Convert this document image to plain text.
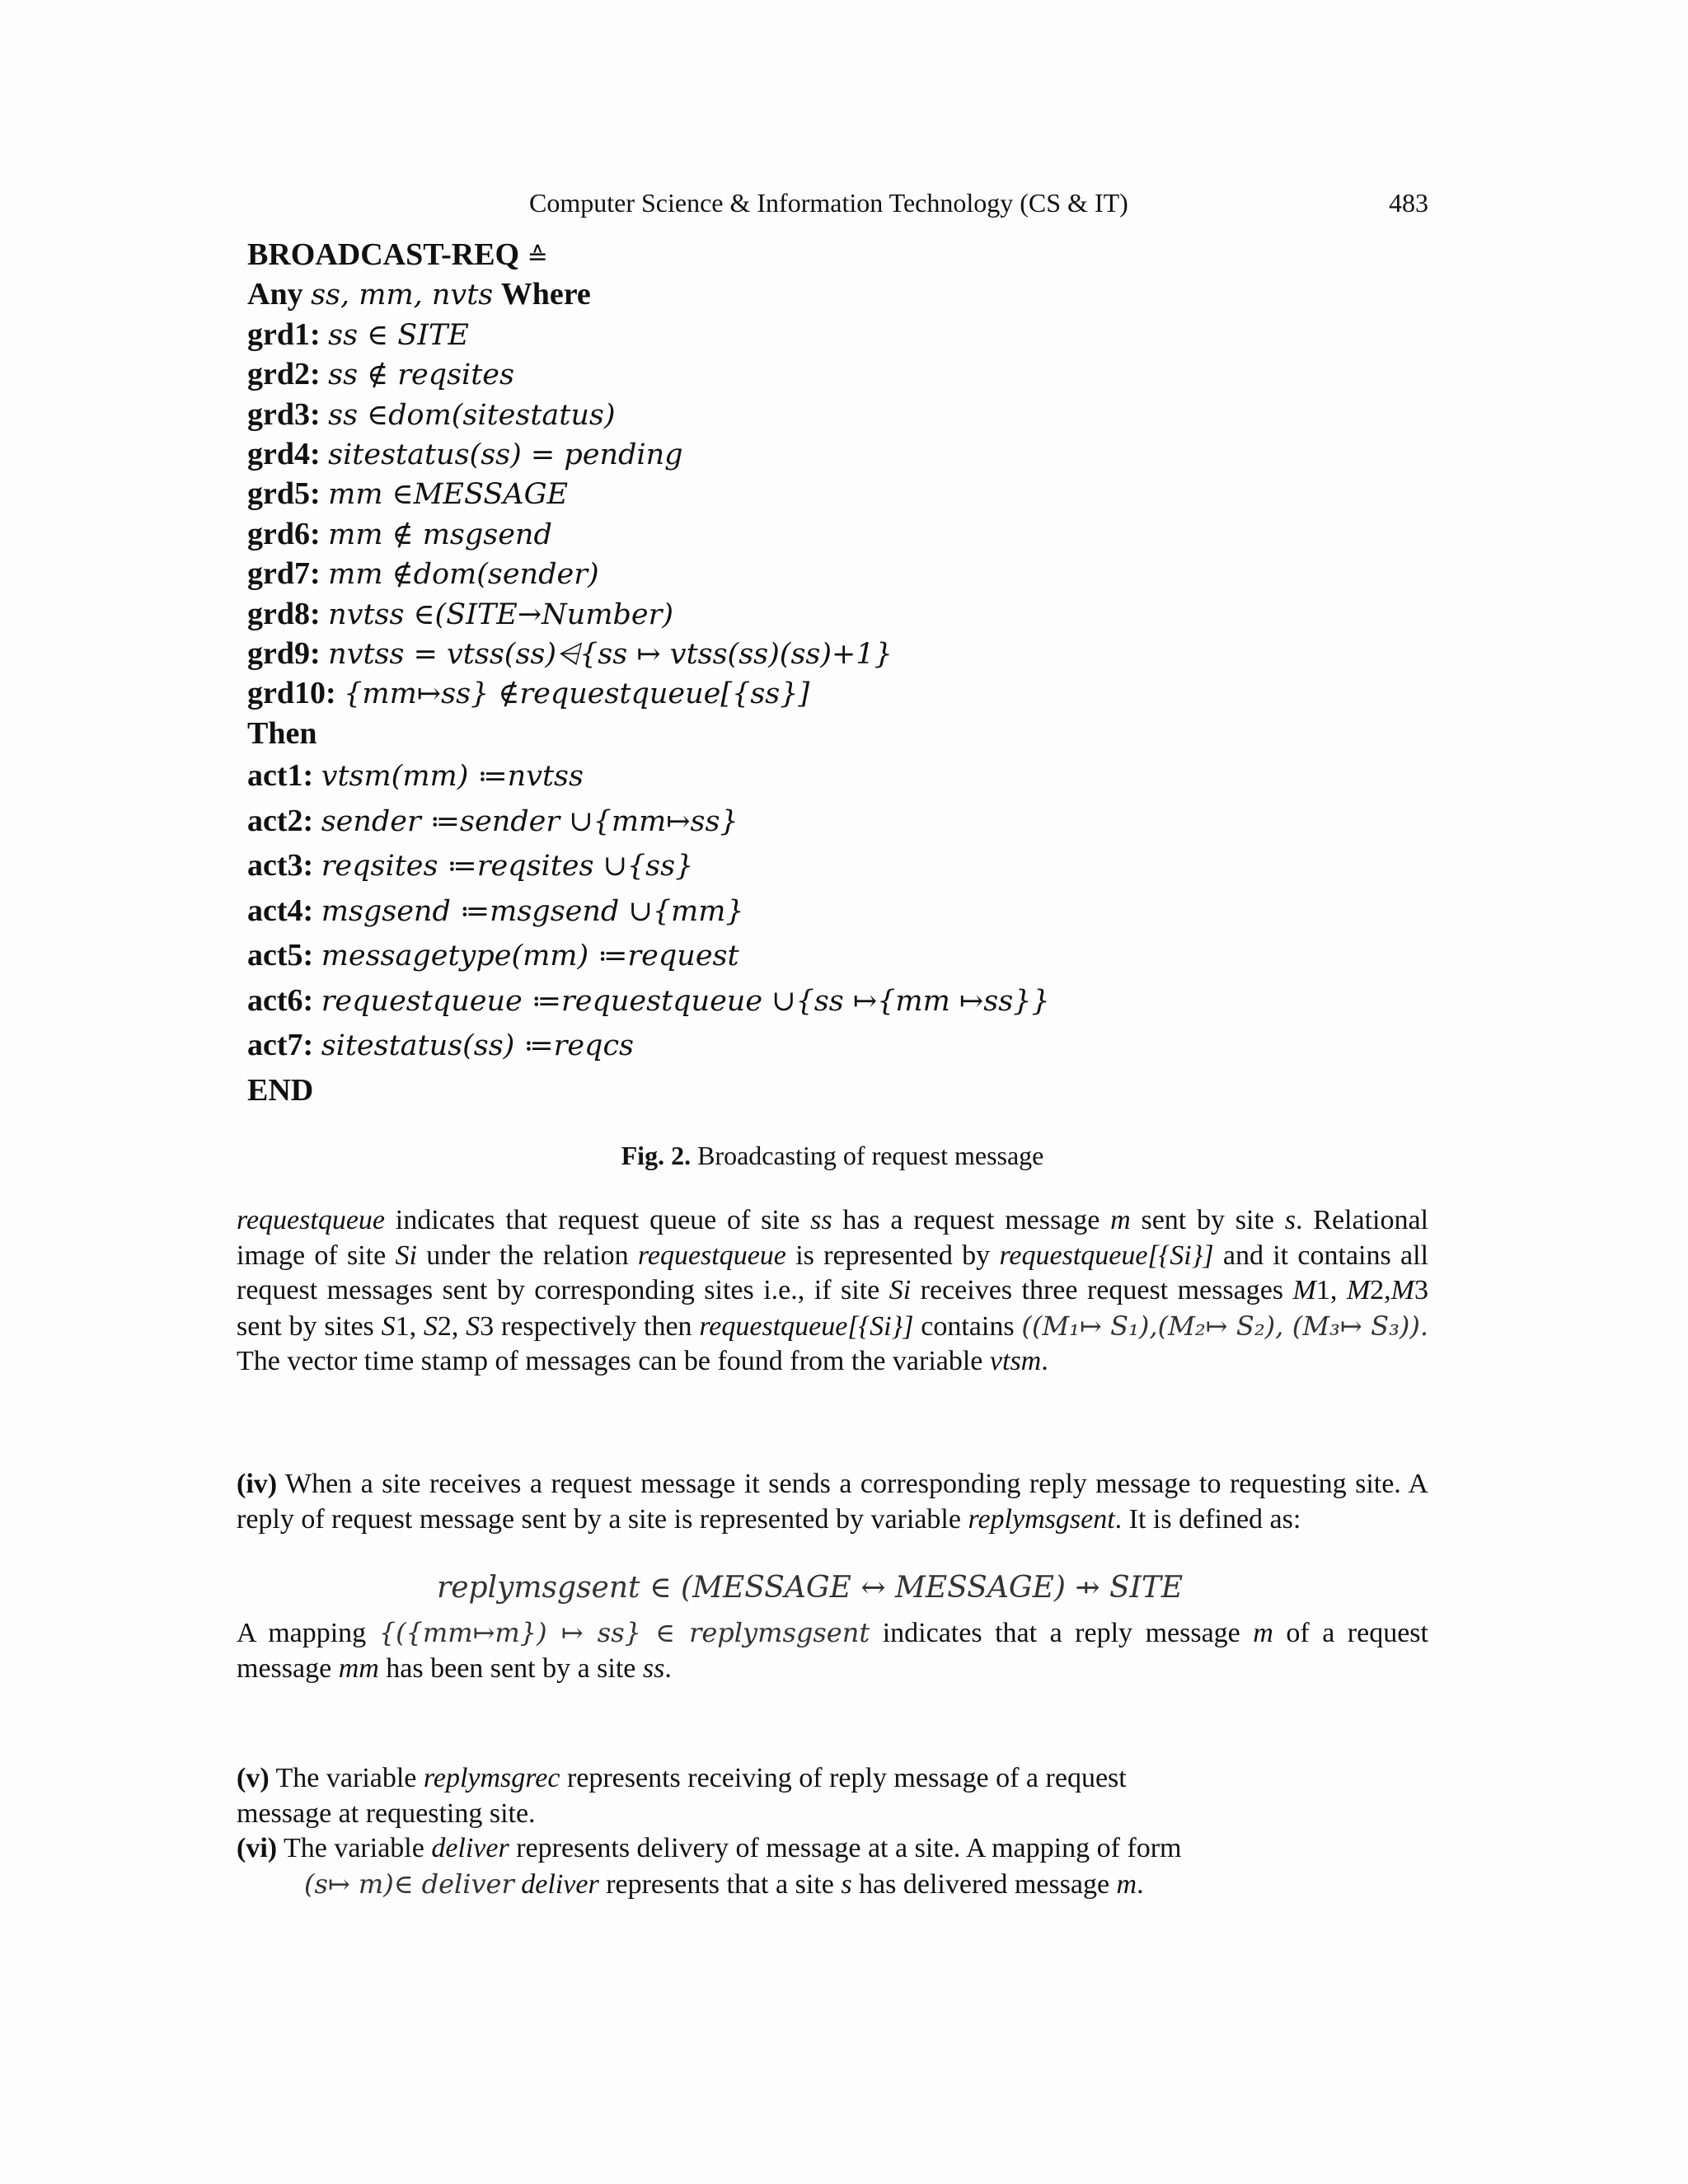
Computer Science & Information Technology (CS & IT)	483
BROADCAST-REQ ≙
Any ss, mm, nvts Where
grd1: ss ∈ SITE
grd2: ss ∉ reqsites
grd3: ss ∈dom(sitestatus)
grd4: sitestatus(ss) = pending
grd5: mm ∈MESSAGE
grd6: mm ∉ msgsend
grd7: mm ∉dom(sender)
grd8: nvtss ∈(SITE→Number)
grd9: nvtss = vtss(ss)⩤{ss ↦ vtss(ss)(ss)+1}
grd10: {mm↦ss} ∉requestqueue[{ss}]
Then
act1: vtsm(mm) ≔nvtss
act2: sender ≔sender ∪{mm↦ss}
act3: reqsites ≔reqsites ∪{ss}
act4: msgsend ≔msgsend ∪{mm}
act5: messagetype(mm) ≔request
act6: requestqueue ≔requestqueue ∪{ss ↦{mm ↦ss}}
act7: sitestatus(ss) ≔reqcs
END
Fig. 2. Broadcasting of request message
requestqueue indicates that request queue of site ss has a request message m sent by site s. Relational image of site Si under the relation requestqueue is represented by requestqueue[{Si}] and it contains all request messages sent by corresponding sites i.e., if site Si receives three request messages M1, M2,M3 sent by sites S1, S2, S3 respectively then requestqueue[{Si}] contains ((M₁↦ S₁),(M₂↦ S₂), (M₃↦ S₃)). The vector time stamp of messages can be found from the variable vtsm.
(iv) When a site receives a request message it sends a corresponding reply message to requesting site. A reply of request message sent by a site is represented by variable replymsgsent. It is defined as:
replymsgsent ∈ (MESSAGE ↔ MESSAGE) ⇸ SITE
A mapping {({mm↦m}) ↦ ss} ∈ replymsgsent indicates that a reply message m of a request message mm has been sent by a site ss.
(v) The variable replymsgrec represents receiving of reply message of a request
message at requesting site.
(vi) The variable deliver represents delivery of message at a site. A mapping of form
(s↦ m)∈ deliver deliver represents that a site s has delivered message m.
